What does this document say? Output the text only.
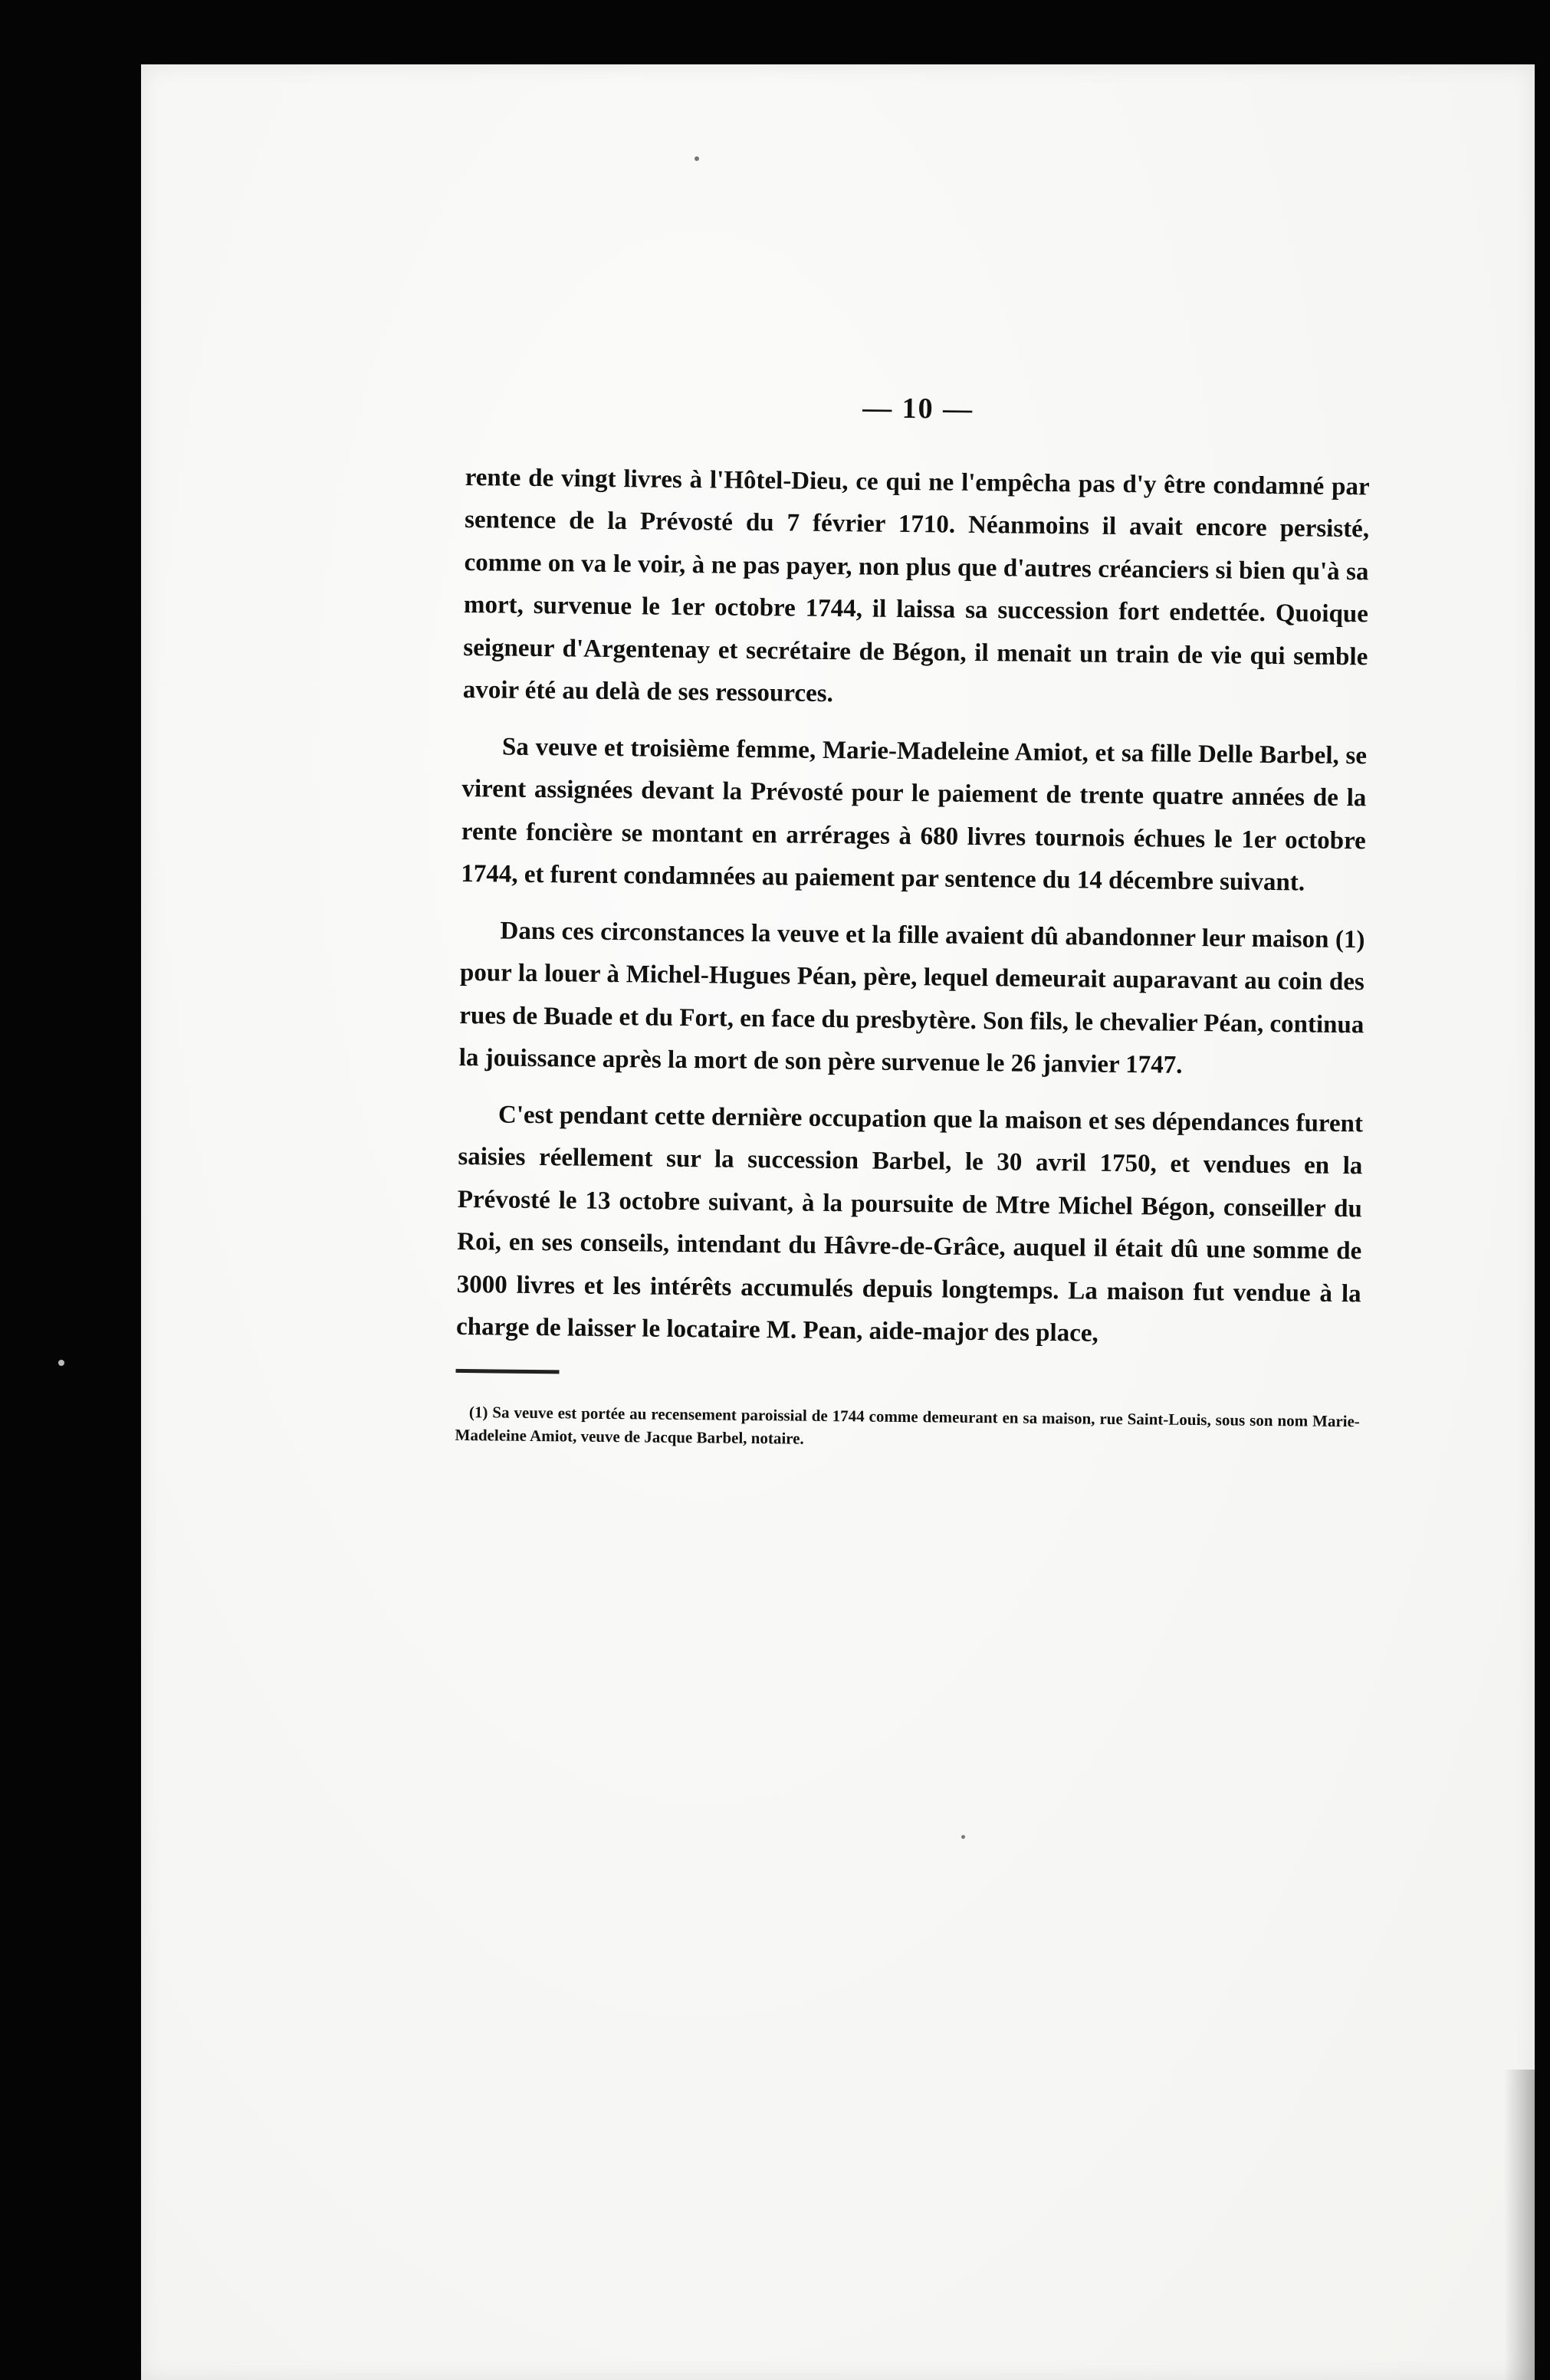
— 10 —

rente de vingt livres à l'Hôtel-Dieu, ce qui ne l'empêcha pas d'y être condamné par sentence de la Prévosté du 7 février 1710. Néanmoins il avait encore persisté, comme on va le voir, à ne pas payer, non plus que d'autres créanciers si bien qu'à sa mort, survenue le 1er octobre 1744, il laissa sa succession fort endettée. Quoique seigneur d'Argentenay et secrétaire de Bégon, il menait un train de vie qui semble avoir été au delà de ses ressources.

Sa veuve et troisième femme, Marie-Madeleine Amiot, et sa fille Delle Barbel, se virent assignées devant la Prévosté pour le paiement de trente quatre années de la rente foncière se montant en arrérages à 680 livres tournois échues le 1er octobre 1744, et furent condamnées au paiement par sentence du 14 décembre suivant.

Dans ces circonstances la veuve et la fille avaient dû abandonner leur maison (1) pour la louer à Michel-Hugues Péan, père, lequel demeurait auparavant au coin des rues de Buade et du Fort, en face du presbytère. Son fils, le chevalier Péan, continua la jouissance après la mort de son père survenue le 26 janvier 1747.

C'est pendant cette dernière occupation que la maison et ses dépendances furent saisies réellement sur la succession Barbel, le 30 avril 1750, et vendues en la Prévosté le 13 octobre suivant, à la poursuite de Mtre Michel Bégon, conseiller du Roi, en ses conseils, intendant du Hâvre-de-Grâce, auquel il était dû une somme de 3000 livres et les intérêts accumulés depuis longtemps. La maison fut vendue à la charge de laisser le locataire M. Pean, aide-major des place,

(1) Sa veuve est portée au recensement paroissial de 1744 comme demeurant en sa maison, rue Saint-Louis, sous son nom Marie-Madeleine Amiot, veuve de Jacque Barbel, notaire.
